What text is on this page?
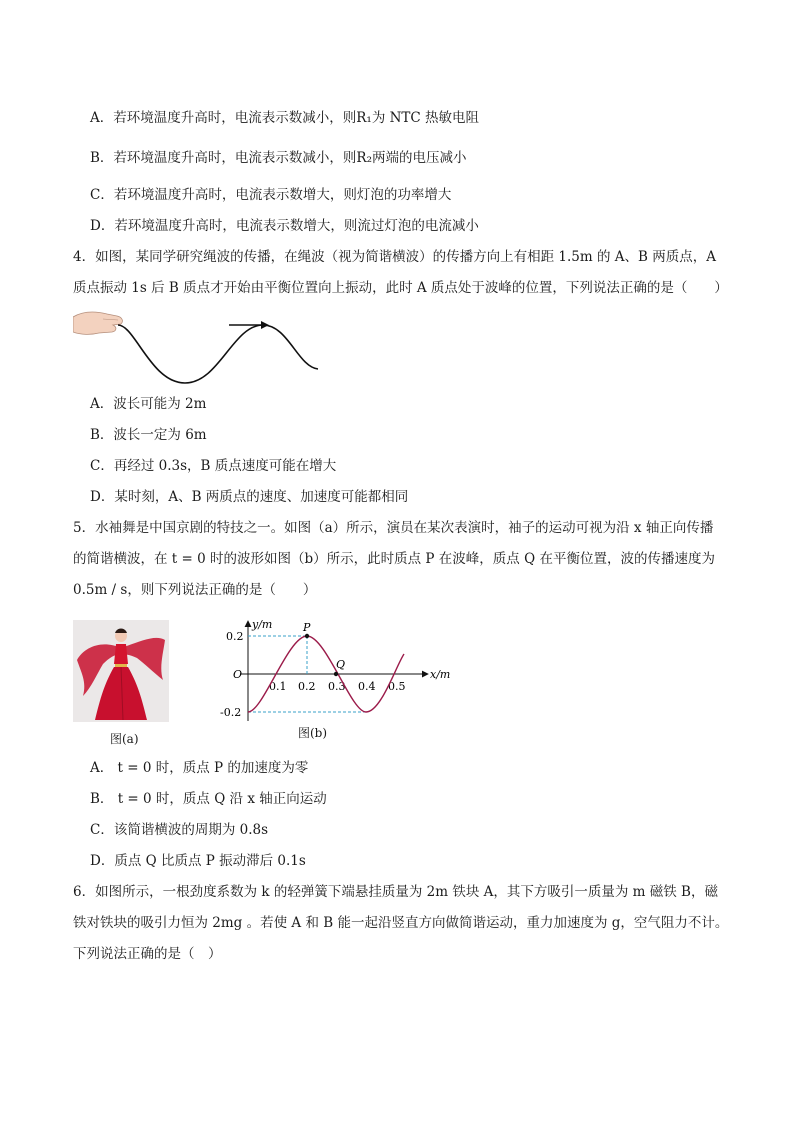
A．若环境温度升高时，电流表示数减小，则R₁为 NTC 热敏电阻
B．若环境温度升高时，电流表示数减小，则R₂两端的电压减小
C．若环境温度升高时，电流表示数增大，则灯泡的功率增大
D．若环境温度升高时，电流表示数增大，则流过灯泡的电流减小
4．如图，某同学研究绳波的传播，在绳波（视为简谐横波）的传播方向上有相距 1.5m 的 A、B 两质点，A
质点振动 1s 后 B 质点才开始由平衡位置向上振动，此时 A 质点处于波峰的位置，下列说法正确的是（　　）
A．波长可能为 2m
B．波长一定为 6m
C．再经过 0.3s，B 质点速度可能在增大
D．某时刻，A、B 两质点的速度、加速度可能都相同
5．水袖舞是中国京剧的特技之一。如图（a）所示，演员在某次表演时，袖子的运动可视为沿 x 轴正向传播
的简谐横波，在 t = 0 时的波形如图（b）所示，此时质点 P 在波峰，质点 Q 在平衡位置，波的传播速度为
0.5m / s，则下列说法正确的是（　　）
图(a)
y/m
x/m
O
0.2
-0.2
0.1 0.2 0.3 0.4 0.5
P
Q
图(b)
A． t = 0 时，质点 P 的加速度为零
B． t = 0 时，质点 Q 沿 x 轴正向运动
C．该简谐横波的周期为 0.8s
D．质点 Q 比质点 P 振动滞后 0.1s
6．如图所示，一根劲度系数为 k 的轻弹簧下端悬挂质量为 2m 铁块 A，其下方吸引一质量为 m 磁铁 B，磁
铁对铁块的吸引力恒为 2mg 。若使 A 和 B 能一起沿竖直方向做简谐运动，重力加速度为 g，空气阻力不计。
下列说法正确的是（　）
